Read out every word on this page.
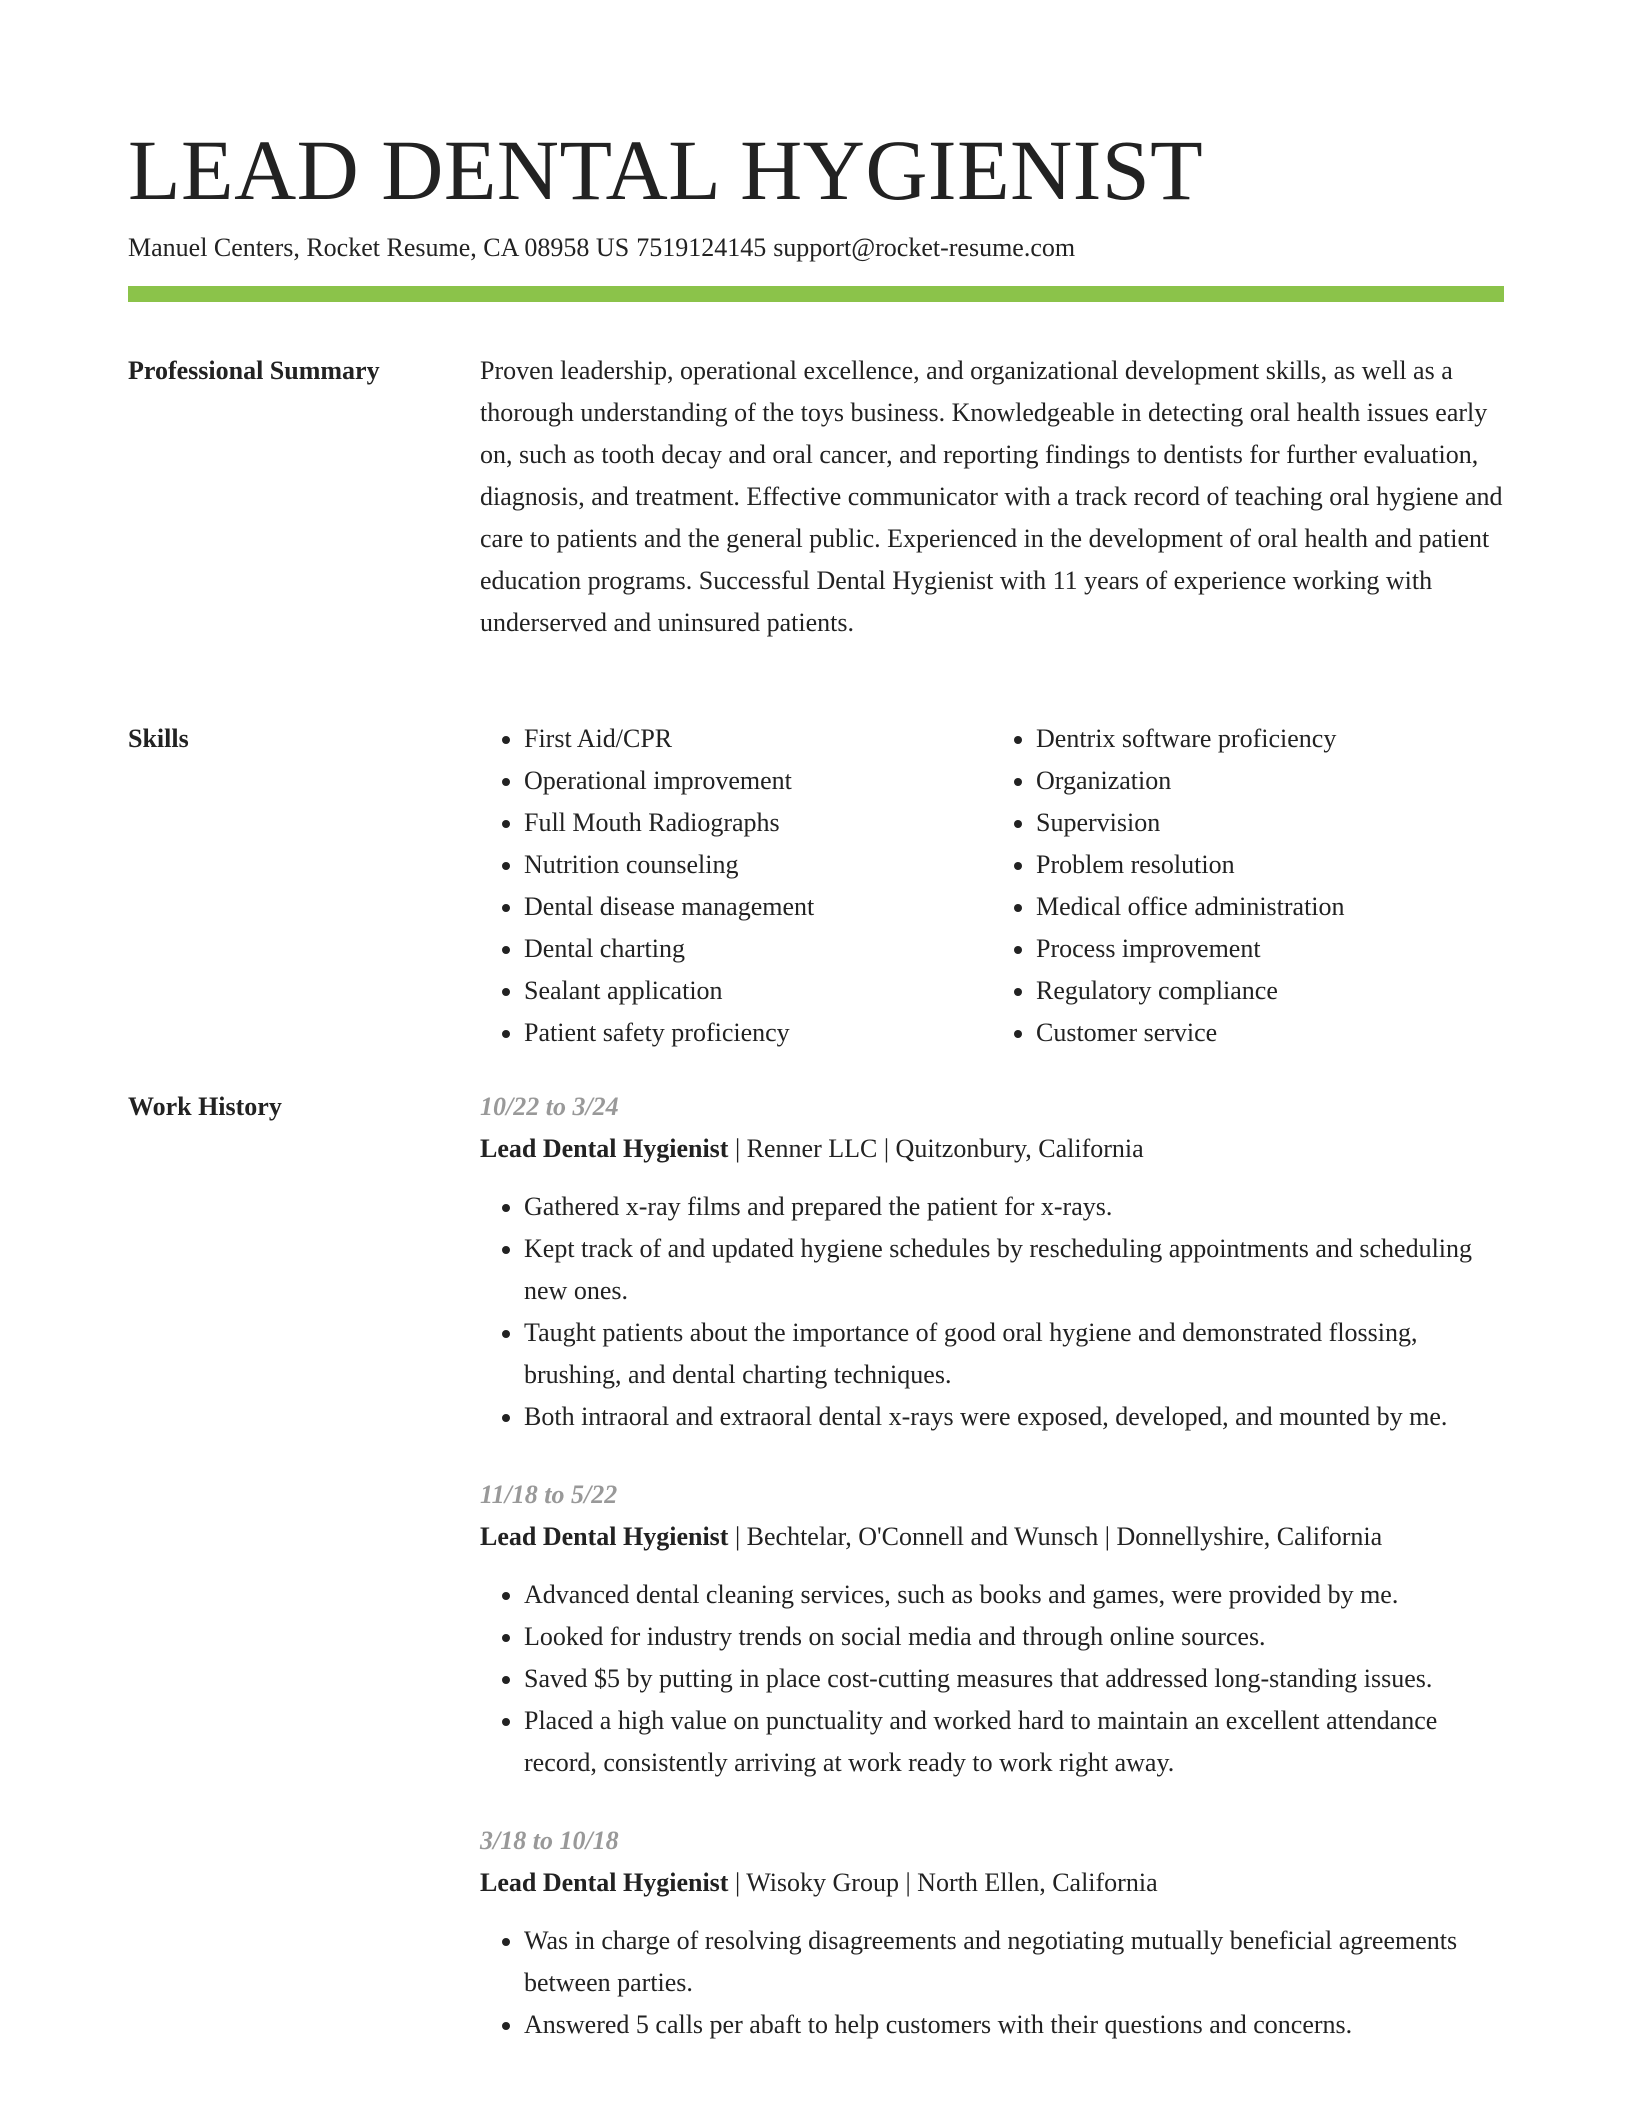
LEAD DENTAL HYGIENIST
Manuel Centers, Rocket Resume, CA 08958 US 7519124145 support@rocket-resume.com
Professional Summary	Proven leadership, operational excellence, and organizational development skills, as well as a thorough understanding of the toys business. Knowledgeable in detecting oral health issues early on, such as tooth decay and oral cancer, and reporting findings to dentists for further evaluation, diagnosis, and treatment. Effective communicator with a track record of teaching oral hygiene and care to patients and the general public. Experienced in the development of oral health and patient education programs. Successful Dental Hygienist with 11 years of experience working with underserved and uninsured patients.

Skills
•	First Aid/CPR
• Operational improvement
• Full Mouth Radiographs
• Nutrition counseling
• Dental disease management
• Dental charting
• Sealant application
• Patient safety proficiency
• Dentrix software proficiency
• Organization
• Supervision
• Problem resolution
• Medical office administration
• Process improvement
• Regulatory compliance
• Customer service
Work History	10/22 to 3/24
Lead Dental Hygienist | Renner LLC | Quitzonbury, California
• Gathered x-ray films and prepared the patient for x-rays.
• Kept track of and updated hygiene schedules by rescheduling appointments and scheduling new ones.
• Taught patients about the importance of good oral hygiene and demonstrated flossing, brushing, and dental charting techniques.
• Both intraoral and extraoral dental x-rays were exposed, developed, and mounted by me.
11/18 to 5/22
Lead Dental Hygienist | Bechtelar, O'Connell and Wunsch | Donnellyshire, California
• Advanced dental cleaning services, such as books and games, were provided by me.
• Looked for industry trends on social media and through online sources.
• Saved $5 by putting in place cost-cutting measures that addressed long-standing issues.
• Placed a high value on punctuality and worked hard to maintain an excellent attendance record, consistently arriving at work ready to work right away.
3/18 to 10/18
Lead Dental Hygienist | Wisoky Group | North Ellen, California
• Was in charge of resolving disagreements and negotiating mutually beneficial agreements between parties.
• Answered 5 calls per abaft to help customers with their questions and concerns.
